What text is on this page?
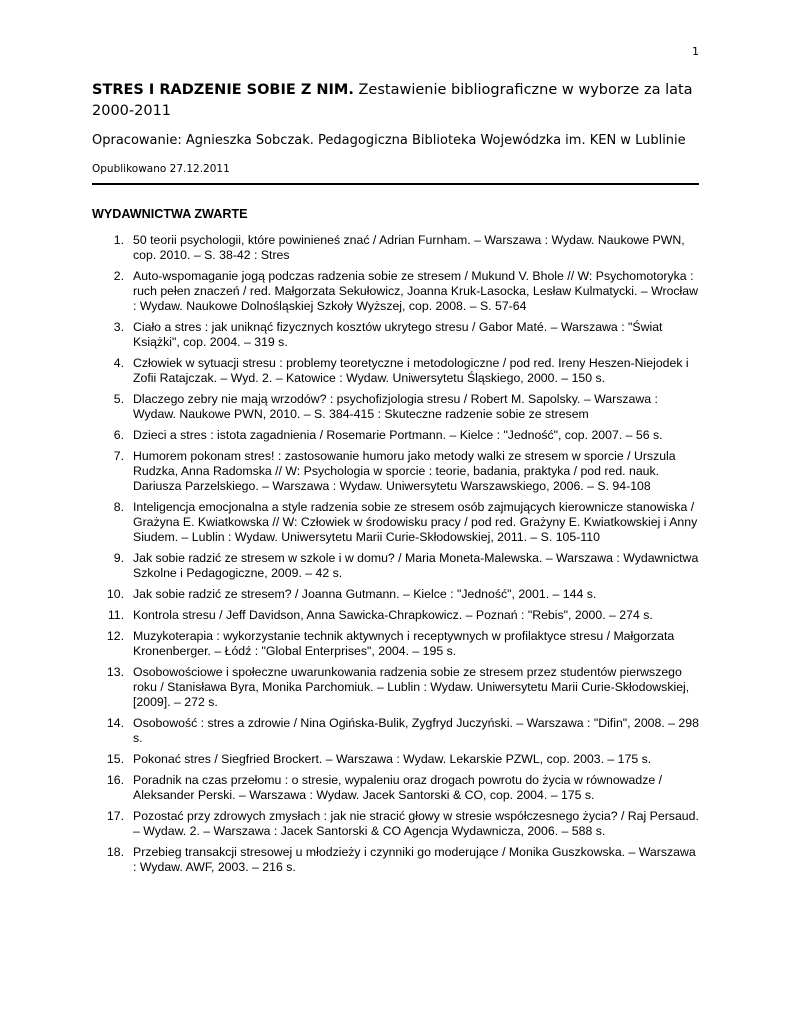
1
STRES I RADZENIE SOBIE Z NIM. Zestawienie bibliograficzne w wyborze za lata 2000-2011
Opracowanie: Agnieszka Sobczak. Pedagogiczna Biblioteka Wojewódzka im. KEN w Lublinie
Opublikowano 27.12.2011
WYDAWNICTWA ZWARTE
1. 50 teorii psychologii, które powinieneś znać / Adrian Furnham. – Warszawa : Wydaw. Naukowe PWN, cop. 2010. – S. 38-42 : Stres
2. Auto-wspomaganie jogą podczas radzenia sobie ze stresem / Mukund V. Bhole // W: Psychomotoryka : ruch pełen znaczeń / red. Małgorzata Sekułowicz, Joanna Kruk-Lasocka, Lesław Kulmatycki. – Wrocław : Wydaw. Naukowe Dolnośląskiej Szkoły Wyższej, cop. 2008. – S. 57-64
3. Ciało a stres : jak uniknąć fizycznych kosztów ukrytego stresu / Gabor Maté. – Warszawa : "Świat Książki", cop. 2004. – 319 s.
4. Człowiek w sytuacji stresu : problemy teoretyczne i metodologiczne / pod red. Ireny Heszen-Niejodek i Zofii Ratajczak. – Wyd. 2. – Katowice : Wydaw. Uniwersytetu Śląskiego, 2000. – 150 s.
5. Dlaczego zebry nie mają wrzodów? : psychofizjologia stresu / Robert M. Sapolsky. – Warszawa : Wydaw. Naukowe PWN, 2010. – S. 384-415 : Skuteczne radzenie sobie ze stresem
6. Dzieci a stres : istota zagadnienia / Rosemarie Portmann. – Kielce : "Jedność", cop. 2007. – 56 s.
7. Humorem pokonam stres! : zastosowanie humoru jako metody walki ze stresem w sporcie / Urszula Rudzka, Anna Radomska // W: Psychologia w sporcie : teorie, badania, praktyka / pod red. nauk. Dariusza Parzelskiego. – Warszawa : Wydaw. Uniwersytetu Warszawskiego, 2006. – S. 94-108
8. Inteligencja emocjonalna a style radzenia sobie ze stresem osób zajmujących kierownicze stanowiska / Grażyna E. Kwiatkowska // W: Człowiek w środowisku pracy / pod red. Grażyny E. Kwiatkowskiej i Anny Siudem. – Lublin : Wydaw. Uniwersytetu Marii Curie-Skłodowskiej, 2011. – S. 105-110
9. Jak sobie radzić ze stresem w szkole i w domu? / Maria Moneta-Malewska. – Warszawa : Wydawnictwa Szkolne i Pedagogiczne, 2009. – 42 s.
10. Jak sobie radzić ze stresem? / Joanna Gutmann. – Kielce : "Jedność", 2001. – 144 s.
11. Kontrola stresu / Jeff Davidson, Anna Sawicka-Chrapkowicz. – Poznań : "Rebis", 2000. – 274 s.
12. Muzykoterapia : wykorzystanie technik aktywnych i receptywnych w profilaktyce stresu / Małgorzata Kronenberger. – Łódź : "Global Enterprises", 2004. – 195 s.
13. Osobowościowe i społeczne uwarunkowania radzenia sobie ze stresem przez studentów pierwszego roku / Stanisława Byra, Monika Parchomiuk. – Lublin : Wydaw. Uniwersytetu Marii Curie-Skłodowskiej, [2009]. – 272 s.
14. Osobowość : stres a zdrowie / Nina Ogińska-Bulik, Zygfryd Juczyński. – Warszawa : "Difin", 2008. – 298 s.
15. Pokonać stres / Siegfried Brockert. – Warszawa : Wydaw. Lekarskie PZWL, cop. 2003. – 175 s.
16. Poradnik na czas przełomu : o stresie, wypaleniu oraz drogach powrotu do życia w równowadze / Aleksander Perski. – Warszawa : Wydaw. Jacek Santorski & CO, cop. 2004. – 175 s.
17. Pozostać przy zdrowych zmysłach : jak nie stracić głowy w stresie współczesnego życia? / Raj Persaud. – Wydaw. 2. – Warszawa : Jacek Santorski & CO Agencja Wydawnicza, 2006. – 588 s.
18. Przebieg transakcji stresowej u młodzieży i czynniki go moderujące / Monika Guszkowska. – Warszawa : Wydaw. AWF, 2003. – 216 s.
